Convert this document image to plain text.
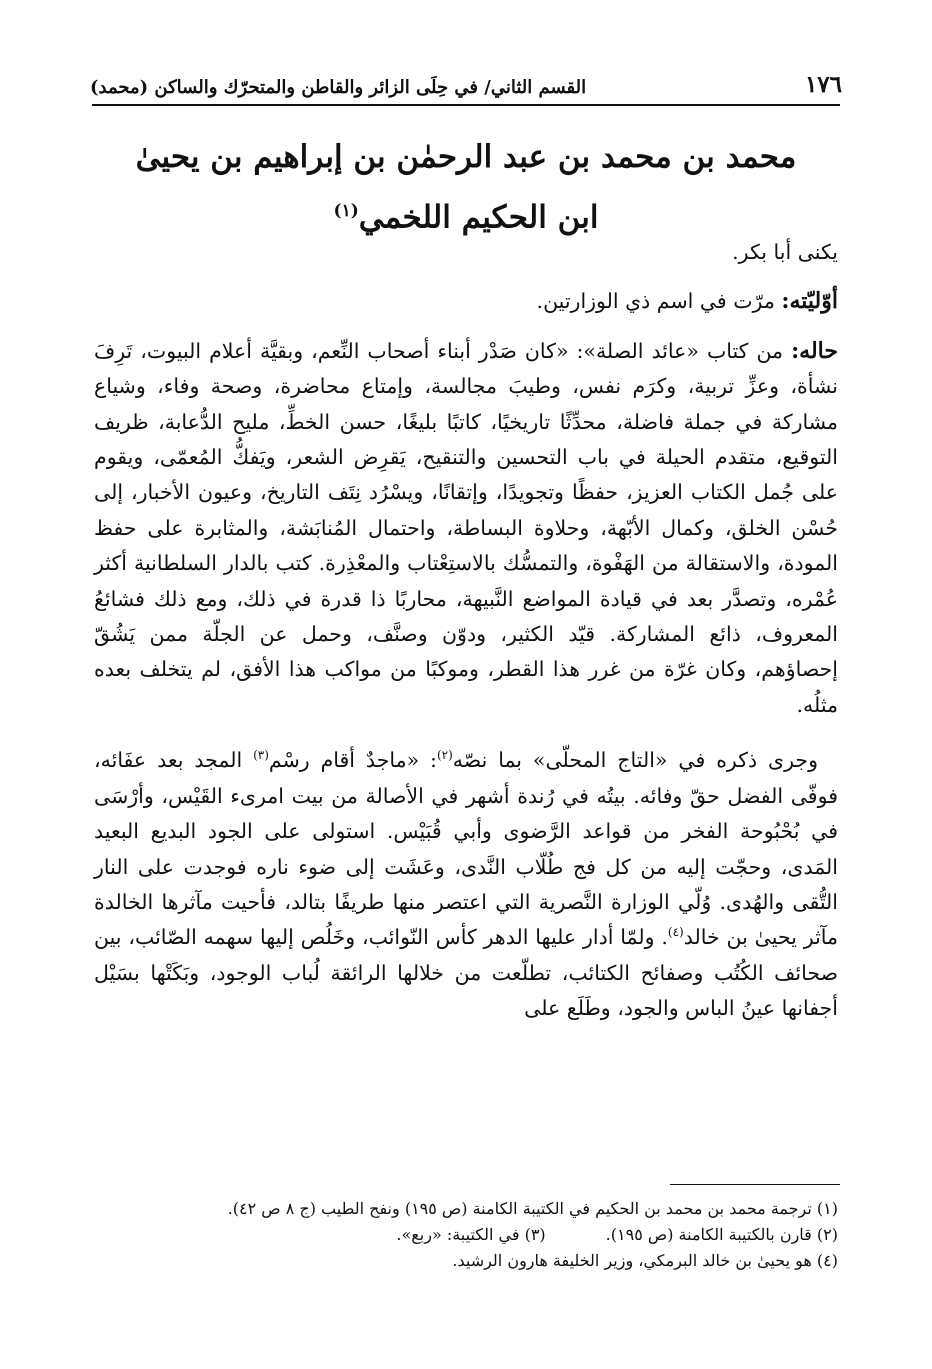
١٧٦
القسم الثاني/ في حِلَى الزائر والقاطن والمتحرّك والساكن (محمد)
محمد بن محمد بن عبد الرحمٰن بن إبراهيم بن يحيىٰ
ابن الحكيم اللخمي$^{(١)}$

يكنى أبا بكر.

أوّليّته: مرّت في اسم ذي الوزارتين.

حاله: من كتاب «عائد الصلة»: «كان صَدْر أبناء أصحاب النِّعم، وبقيَّة أعلام البيوت، تَرِفَ نشأة، وعزِّ تربية، وكرَم نفس، وطيبَ مجالسة، وإمتاع محاضرة، وصحة وفاء، وشياع مشاركة في جملة فاضلة، محدِّثًا تاريخيًا، كاتبًا بليغًا، حسن الخطِّ، مليح الدُّعابة، ظريف التوقيع، متقدم الحيلة في باب التحسين والتنقيح، يَقرِض الشعر، ويَفكُّ المُعمّى، ويقوم على جُمل الكتاب العزيز، حفظًا وتجويدًا، وإتقانًا، ويسْرُد نِتَف التاريخ، وعيون الأخبار، إلى حُسْن الخلق، وكمال الأبّهة، وحلاوة البساطة، واحتمال المُنابَشة، والمثابرة على حفظ المودة، والاستقالة من الهَفْوة، والتمسُّك بالاستِعْتاب والمعْذِرة. كتب بالدار السلطانية أكثر عُمْره، وتصدَّر بعد في قيادة المواضع النَّبيهة، محاربًا ذا قدرة في ذلك، ومع ذلك فشائعُ المعروف، ذائع المشاركة. قيّد الكثير، ودوّن وصنَّف، وحمل عن الجلّة ممن يَشُقّ إحصاؤهم، وكان غرّة من غرر هذا القطر، وموكبًا من مواكب هذا الأفق، لم يتخلف بعده مثلُه.

وجرى ذكره في «التاج المحلّى» بما نصّه$^{(٢)}$: «ماجدٌ أقام رسْم$^{(٣)}$ المجد بعد عفَائه، فوفّى الفضل حقّ وفائه. بيتُه في رُندة أشهر في الأصالة من بيت امرىء القَيْس، وأرْسَى في بُحْبُوحة الفخر من قواعد الرَّضوى وأبي قُبَيْس. استولى على الجود البديع البعيد المَدى، وحجّت إليه من كل فج طُلّاب النَّدى، وعَشَت إلى ضوء ناره فوجدت على النار التُّقى والهُدى. وُلّي الوزارة النَّصرية التي اعتصر منها طريفًا بتالد، فأحيت مآثرها الخالدة مآثر يحيىٰ بن خالد$^{(٤)}$. ولمّا أدار عليها الدهر كأس النّوائب، وخَلُص إليها سهمه الصّائب، بين صحائف الكُتُب وصفائح الكتائب، تطلّعت من خلالها الرائقة لُباب الوجود، وبَكَتْها بسَيْل أجفانها عينُ الباس والجود، وطَلَع على

(١) ترجمة محمد بن محمد بن الحكيم في الكتيبة الكامنة (ص ١٩٥) ونفح الطيب (ج ٨ ص ٤٢).
(٢) قارن بالكتيبة الكامنة (ص ١٩٥).
(٣) في الكتيبة: «ربع».
(٤) هو يحيىٰ بن خالد البرمكي، وزير الخليفة هارون الرشيد.
